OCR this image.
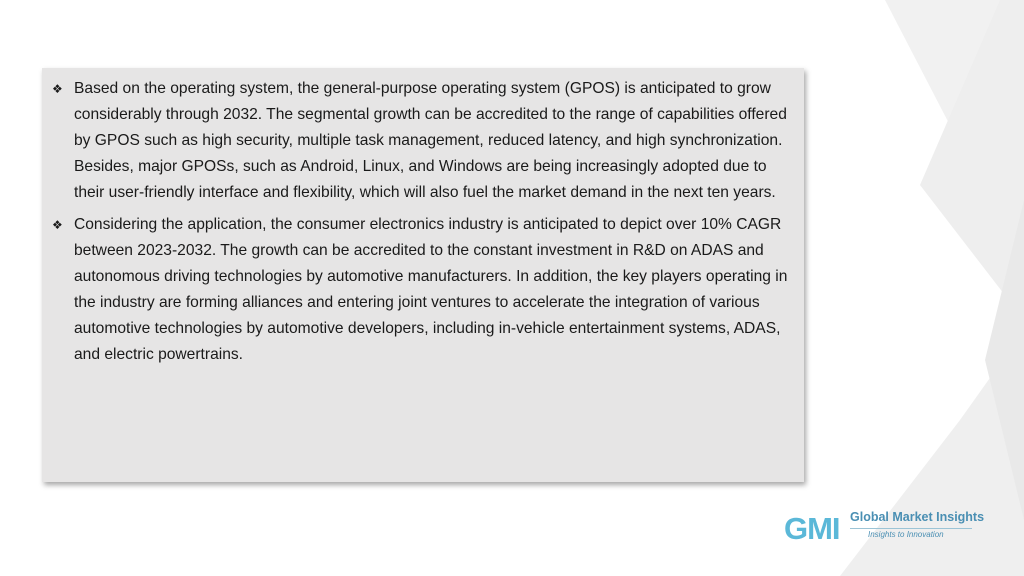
❖ Based on the operating system, the general-purpose operating system (GPOS) is anticipated to grow considerably through 2032. The segmental growth can be accredited to the range of capabilities offered by GPOS such as high security, multiple task management, reduced latency, and high synchronization. Besides, major GPOSs, such as Android, Linux, and Windows are being increasingly adopted due to their user-friendly interface and flexibility, which will also fuel the market demand in the next ten years.

❖ Considering the application, the consumer electronics industry is anticipated to depict over 10% CAGR between 2023-2032. The growth can be accredited to the constant investment in R&D on ADAS and autonomous driving technologies by automotive manufacturers. In addition, the key players operating in the industry are forming alliances and entering joint ventures to accelerate the integration of various automotive technologies by automotive developers, including in-vehicle entertainment systems, ADAS, and electric powertrains.

GMI Global Market Insights
Insights to Innovation
